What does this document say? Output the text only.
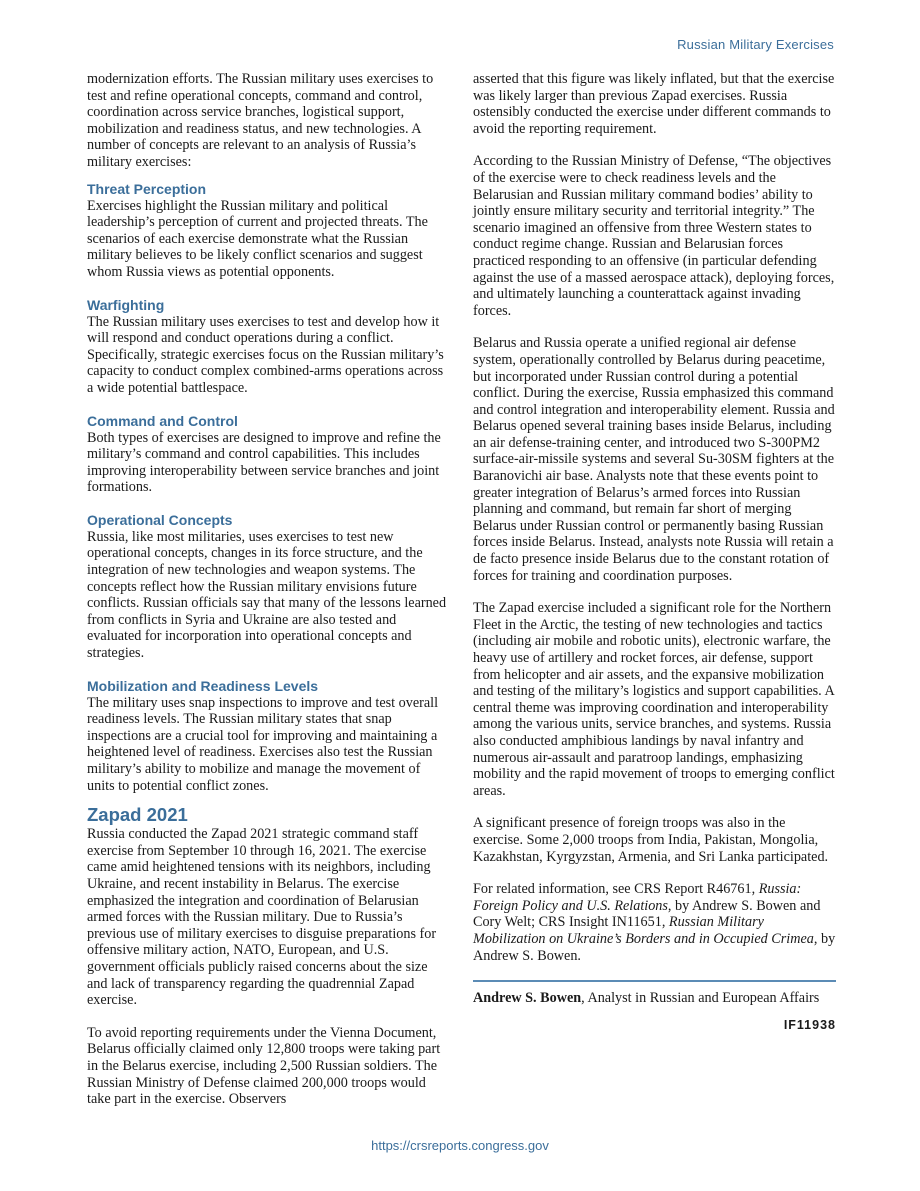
Russian Military Exercises

modernization efforts. The Russian military uses exercises to test and refine operational concepts, command and control, coordination across service branches, logistical support, mobilization and readiness status, and new technologies. A number of concepts are relevant to an analysis of Russia’s military exercises:

Threat Perception

Exercises highlight the Russian military and political leadership’s perception of current and projected threats. The scenarios of each exercise demonstrate what the Russian military believes to be likely conflict scenarios and suggest whom Russia views as potential opponents.

Warfighting

The Russian military uses exercises to test and develop how it will respond and conduct operations during a conflict. Specifically, strategic exercises focus on the Russian military’s capacity to conduct complex combined-arms operations across a wide potential battlespace.

Command and Control

Both types of exercises are designed to improve and refine the military’s command and control capabilities. This includes improving interoperability between service branches and joint formations.

Operational Concepts

Russia, like most militaries, uses exercises to test new operational concepts, changes in its force structure, and the integration of new technologies and weapon systems. The concepts reflect how the Russian military envisions future conflicts. Russian officials say that many of the lessons learned from conflicts in Syria and Ukraine are also tested and evaluated for incorporation into operational concepts and strategies.

Mobilization and Readiness Levels

The military uses snap inspections to improve and test overall readiness levels. The Russian military states that snap inspections are a crucial tool for improving and maintaining a heightened level of readiness. Exercises also test the Russian military’s ability to mobilize and manage the movement of units to potential conflict zones.

Zapad 2021

Russia conducted the Zapad 2021 strategic command staff exercise from September 10 through 16, 2021. The exercise came amid heightened tensions with its neighbors, including Ukraine, and recent instability in Belarus. The exercise emphasized the integration and coordination of Belarusian armed forces with the Russian military. Due to Russia’s previous use of military exercises to disguise preparations for offensive military action, NATO, European, and U.S. government officials publicly raised concerns about the size and lack of transparency regarding the quadrennial Zapad exercise.

To avoid reporting requirements under the Vienna Document, Belarus officially claimed only 12,800 troops were taking part in the Belarus exercise, including 2,500 Russian soldiers. The Russian Ministry of Defense claimed 200,000 troops would take part in the exercise. Observers

asserted that this figure was likely inflated, but that the exercise was likely larger than previous Zapad exercises. Russia ostensibly conducted the exercise under different commands to avoid the reporting requirement.

According to the Russian Ministry of Defense, “The objectives of the exercise were to check readiness levels and the Belarusian and Russian military command bodies’ ability to jointly ensure military security and territorial integrity.” The scenario imagined an offensive from three Western states to conduct regime change. Russian and Belarusian forces practiced responding to an offensive (in particular defending against the use of a massed aerospace attack), deploying forces, and ultimately launching a counterattack against invading forces.

Belarus and Russia operate a unified regional air defense system, operationally controlled by Belarus during peacetime, but incorporated under Russian control during a potential conflict. During the exercise, Russia emphasized this command and control integration and interoperability element. Russia and Belarus opened several training bases inside Belarus, including an air defense-training center, and introduced two S-300PM2 surface-air-missile systems and several Su-30SM fighters at the Baranovichi air base. Analysts note that these events point to greater integration of Belarus’s armed forces into Russian planning and command, but remain far short of merging Belarus under Russian control or permanently basing Russian forces inside Belarus. Instead, analysts note Russia will retain a de facto presence inside Belarus due to the constant rotation of forces for training and coordination purposes.

The Zapad exercise included a significant role for the Northern Fleet in the Arctic, the testing of new technologies and tactics (including air mobile and robotic units), electronic warfare, the heavy use of artillery and rocket forces, air defense, support from helicopter and air assets, and the expansive mobilization and testing of the military’s logistics and support capabilities. A central theme was improving coordination and interoperability among the various units, service branches, and systems. Russia also conducted amphibious landings by naval infantry and numerous air-assault and paratroop landings, emphasizing mobility and the rapid movement of troops to emerging conflict areas.

A significant presence of foreign troops was also in the exercise. Some 2,000 troops from India, Pakistan, Mongolia, Kazakhstan, Kyrgyzstan, Armenia, and Sri Lanka participated.

For related information, see CRS Report R46761, Russia: Foreign Policy and U.S. Relations, by Andrew S. Bowen and Cory Welt; CRS Insight IN11651, Russian Military Mobilization on Ukraine’s Borders and in Occupied Crimea, by Andrew S. Bowen.

Andrew S. Bowen, Analyst in Russian and European Affairs
IF11938
https://crsreports.congress.gov
